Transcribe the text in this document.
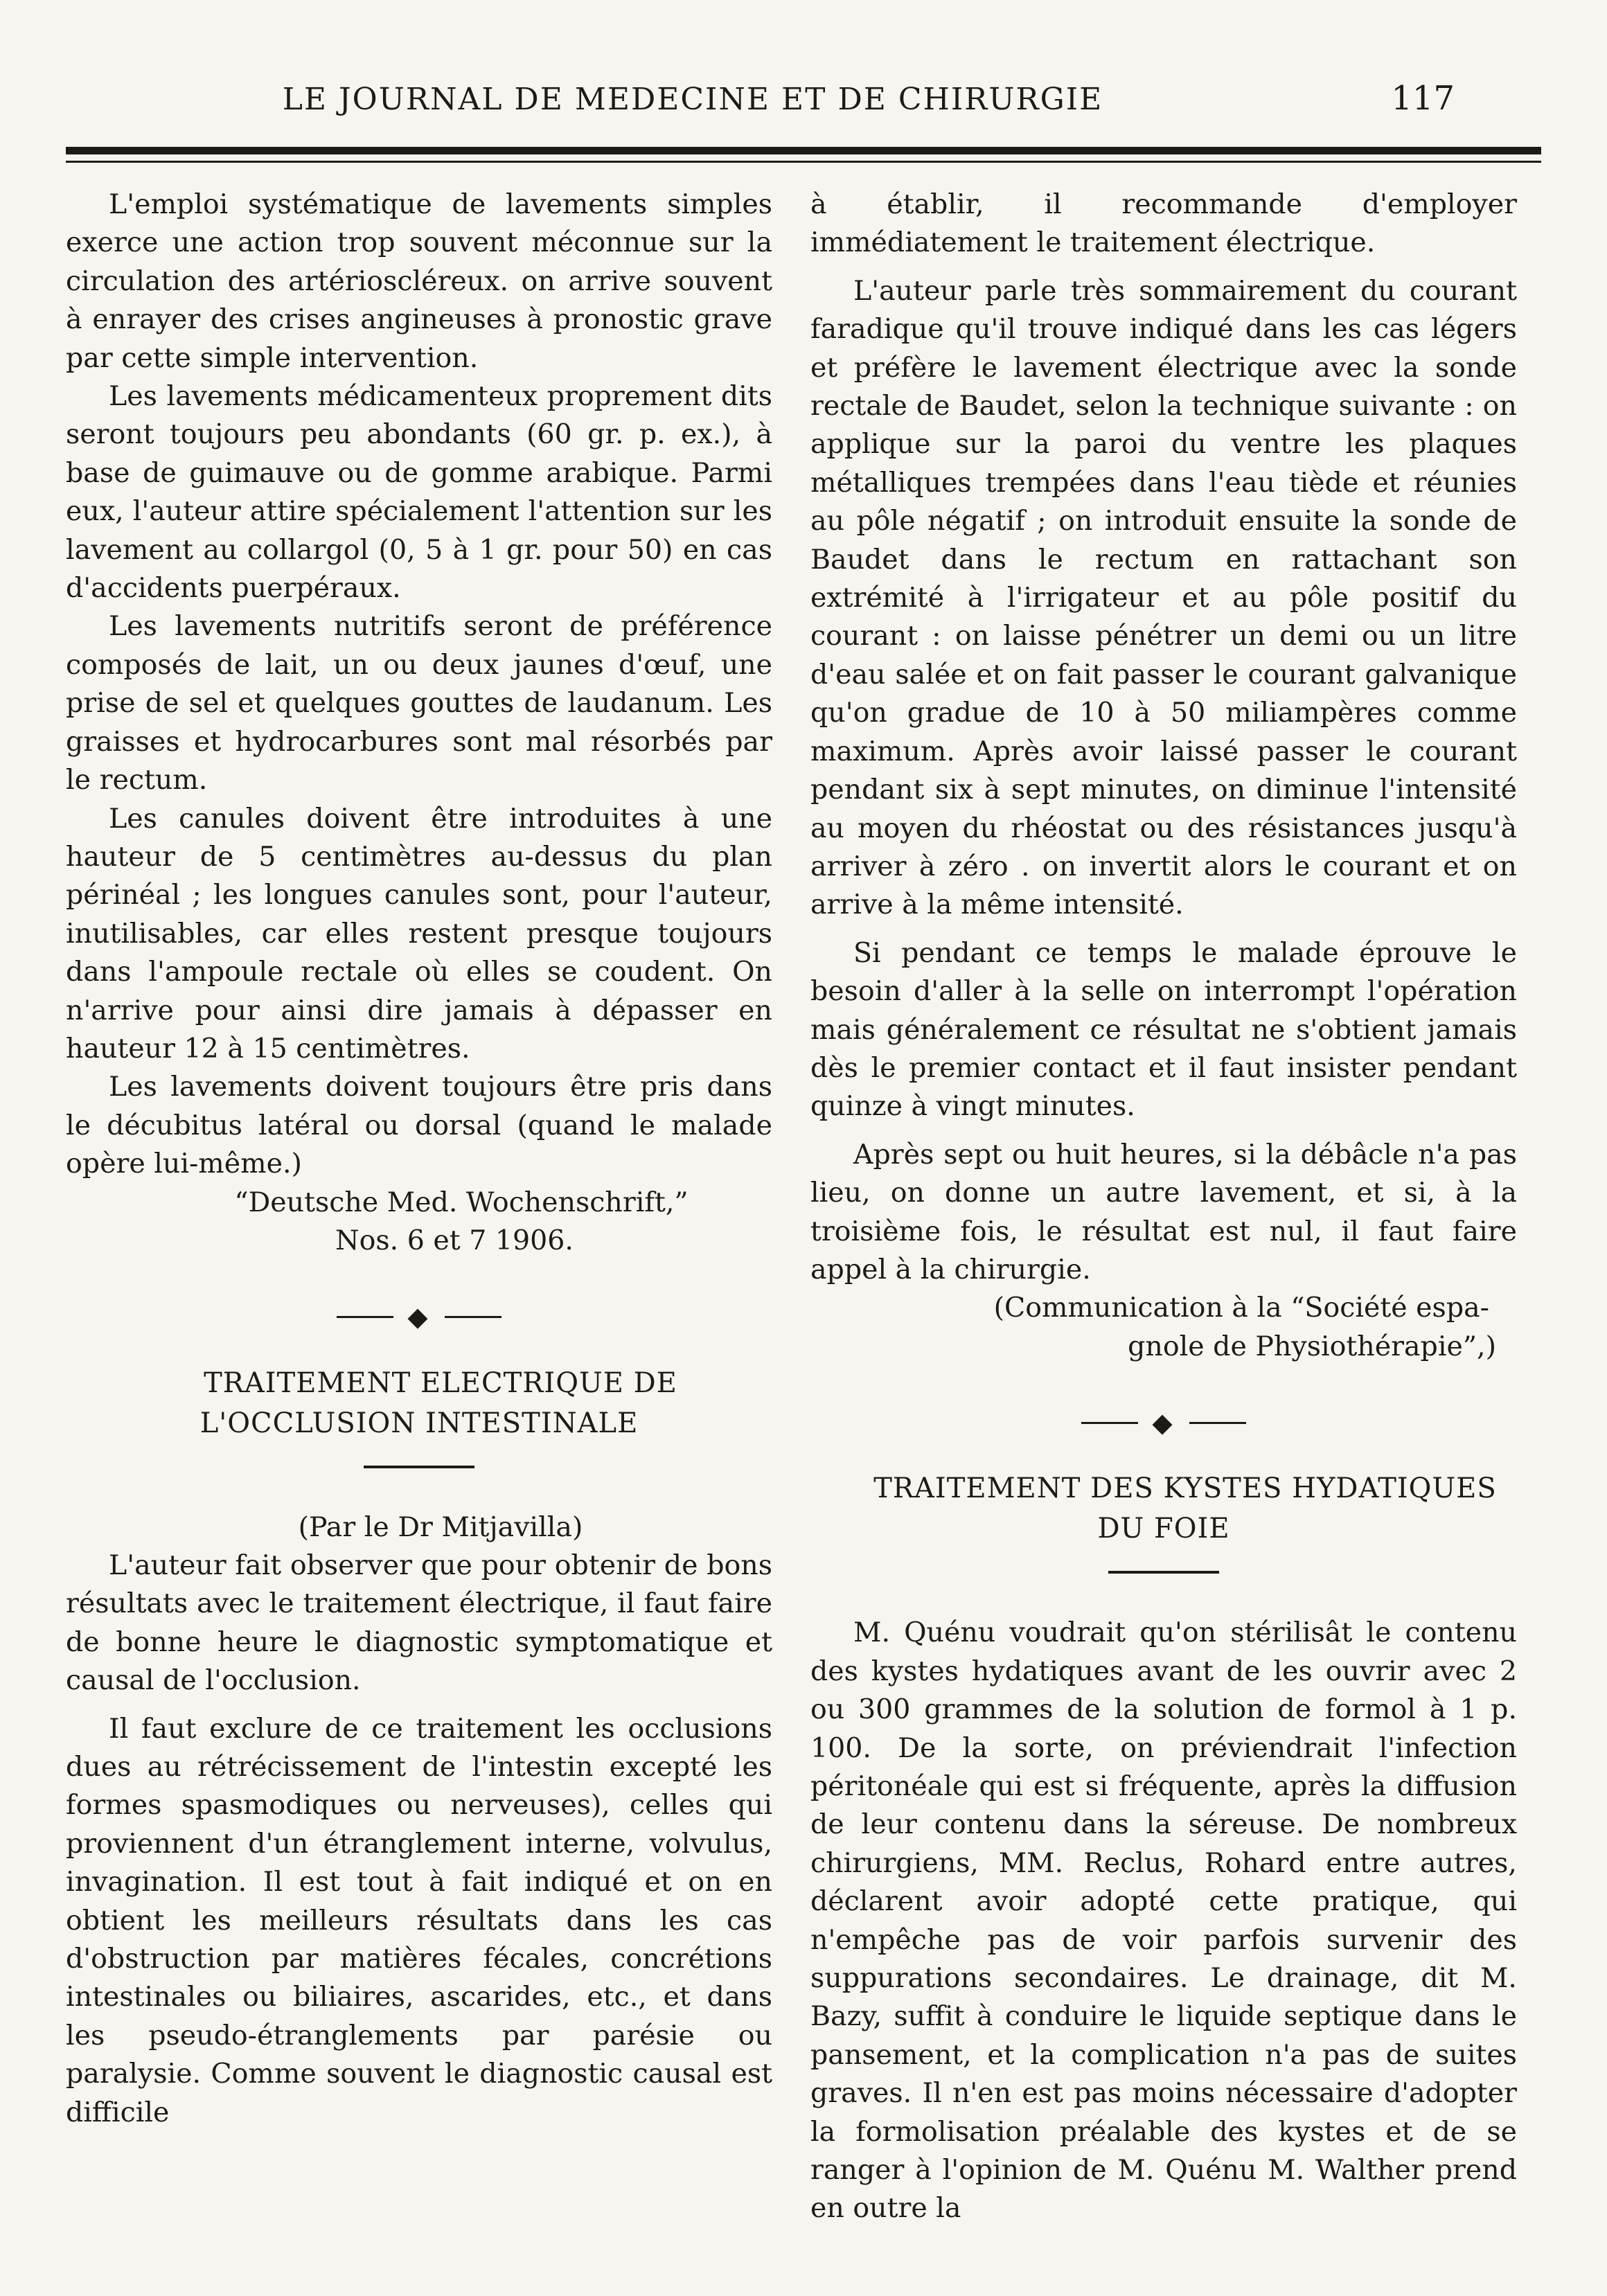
LE JOURNAL DE MEDECINE ET DE CHIRURGIE	117

L'emploi systématique de lavements simples exerce une action trop souvent méconnue sur la circulation des artérioscléreux. on arrive souvent à enrayer des crises angineuses à pronostic grave par cette simple intervention.

Les lavements médicamenteux proprement dits seront toujours peu abondants (60 gr. p. ex.), à base de guimauve ou de gomme arabique. Parmi eux, l'auteur attire spécialement l'attention sur les lavement au collargol (0, 5 à 1 gr. pour 50) en cas d'accidents puerpéraux.

Les lavements nutritifs seront de préférence composés de lait, un ou deux jaunes d'œuf, une prise de sel et quelques gouttes de laudanum. Les graisses et hydrocarbures sont mal résorbés par le rectum.

Les canules doivent être introduites à une hauteur de 5 centimètres au-dessus du plan périnéal ; les longues canules sont, pour l'auteur, inutilisables, car elles restent presque toujours dans l'ampoule rectale où elles se coudent. On n'arrive pour ainsi dire jamais à dépasser en hauteur 12 à 15 centimètres.

Les lavements doivent toujours être pris dans le décubitus latéral ou dorsal (quand le malade opère lui-même.)

“Deutsche Med. Wochenschrift,”

Nos. 6 et 7 1906.

◆

TRAITEMENT ELECTRIQUE DE L'OCCLUSION INTESTINALE

(Par le Dr Mitjavilla)

L'auteur fait observer que pour obtenir de bons résultats avec le traitement électrique, il faut faire de bonne heure le diagnostic symptomatique et causal de l'occlusion.

Il faut exclure de ce traitement les occlusions dues au rétrécissement de l'intestin excepté les formes spasmodiques ou nerveuses), celles qui proviennent d'un étranglement interne, volvulus, invagination. Il est tout à fait indiqué et on en obtient les meilleurs résultats dans les cas d'obstruction par matières fécales, concrétions intestinales ou biliaires, ascarides, etc., et dans les pseudo-étranglements par parésie ou paralysie. Comme souvent le diagnostic causal est difficile

à établir, il recommande d'employer immédiatement le traitement électrique.

L'auteur parle très sommairement du courant faradique qu'il trouve indiqué dans les cas légers et préfère le lavement électrique avec la sonde rectale de Baudet, selon la technique suivante : on applique sur la paroi du ventre les plaques métalliques trempées dans l'eau tiède et réunies au pôle négatif ; on introduit ensuite la sonde de Baudet dans le rectum en rattachant son extrémité à l'irrigateur et au pôle positif du courant : on laisse pénétrer un demi ou un litre d'eau salée et on fait passer le courant galvanique qu'on gradue de 10 à 50 miliampères comme maximum. Après avoir laissé passer le courant pendant six à sept minutes, on diminue l'intensité au moyen du rhéostat ou des résistances jusqu'à arriver à zéro . on invertit alors le courant et on arrive à la même intensité.

Si pendant ce temps le malade éprouve le besoin d'aller à la selle on interrompt l'opération mais généralement ce résultat ne s'obtient jamais dès le premier contact et il faut insister pendant quinze à vingt minutes.

Après sept ou huit heures, si la débâcle n'a pas lieu, on donne un autre lavement, et si, à la troisième fois, le résultat est nul, il faut faire appel à la chirurgie.

(Communication à la “Société espa-

gnole de Physiothérapie”,)

◆

TRAITEMENT DES KYSTES HYDATIQUES DU FOIE

M. Quénu voudrait qu'on stérilisât le contenu des kystes hydatiques avant de les ouvrir avec 2 ou 300 grammes de la solution de formol à 1 p. 100. De la sorte, on préviendrait l'infection péritonéale qui est si fréquente, après la diffusion de leur contenu dans la séreuse. De nombreux chirurgiens, MM. Reclus, Rohard entre autres, déclarent avoir adopté cette pratique, qui n'empêche pas de voir parfois survenir des suppurations secondaires. Le drainage, dit M. Bazy, suffit à conduire le liquide septique dans le pansement, et la complication n'a pas de suites graves. Il n'en est pas moins nécessaire d'adopter la formolisation préalable des kystes et de se ranger à l'opinion de M. Quénu M. Walther prend en outre la
